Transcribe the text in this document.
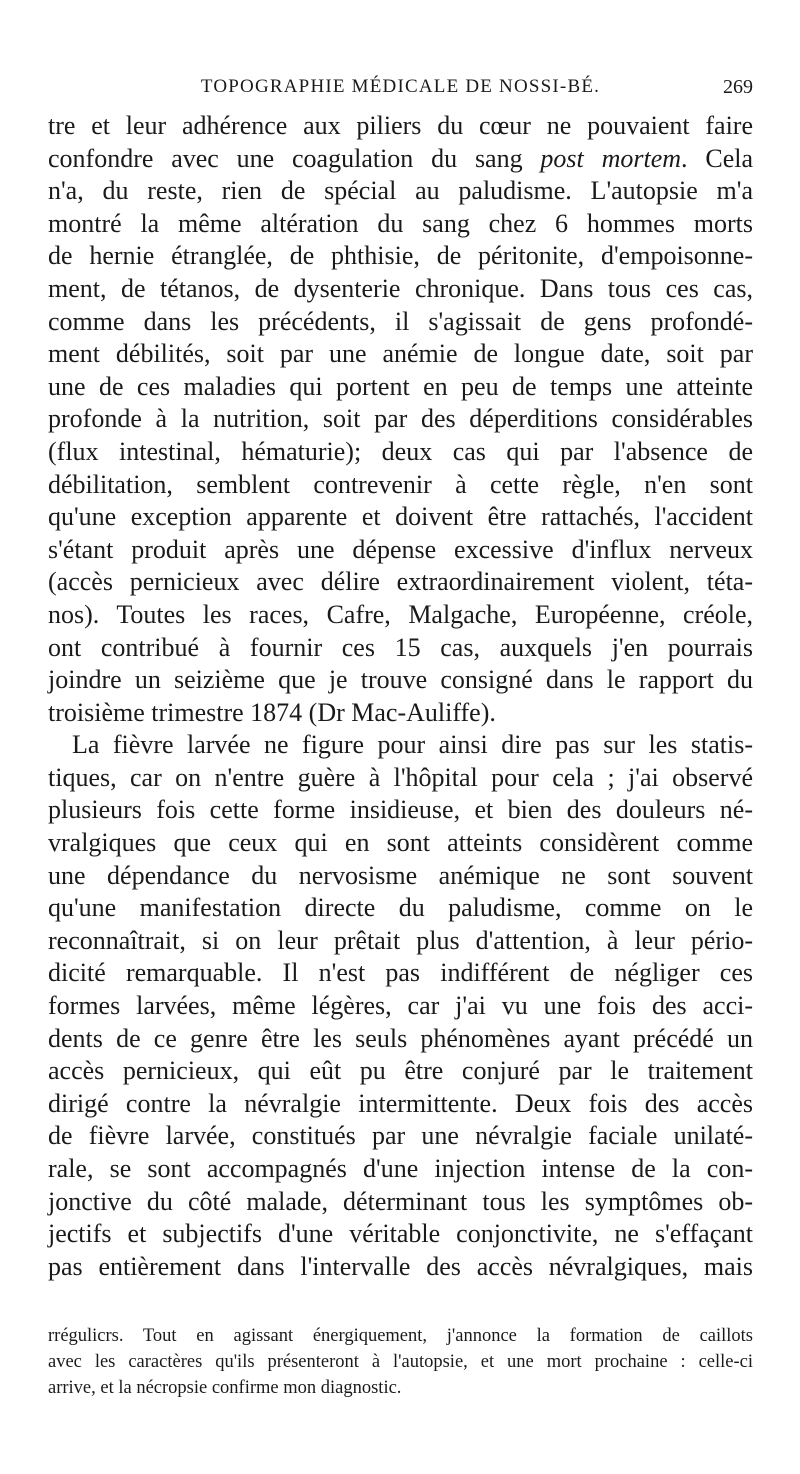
TOPOGRAPHIE MÉDICALE DE NOSSI-BÉ.	269
tre et leur adhérence aux piliers du cœur ne pouvaient faire
confondre avec une coagulation du sang post mortem. Cela
n'a, du reste, rien de spécial au paludisme. L'autopsie m'a
montré la même altération du sang chez 6 hommes morts
de hernie étranglée, de phthisie, de péritonite, d'empoisonne-
ment, de tétanos, de dysenterie chronique. Dans tous ces cas,
comme dans les précédents, il s'agissait de gens profondé-
ment débilités, soit par une anémie de longue date, soit par
une de ces maladies qui portent en peu de temps une atteinte
profonde à la nutrition, soit par des déperditions considérables
(flux intestinal, hématurie); deux cas qui par l'absence de
débilitation, semblent contrevenir à cette règle, n'en sont
qu'une exception apparente et doivent être rattachés, l'accident
s'étant produit après une dépense excessive d'influx nerveux
(accès pernicieux avec délire extraordinairement violent, téta-
nos). Toutes les races, Cafre, Malgache, Européenne, créole,
ont contribué à fournir ces 15 cas, auxquels j'en pourrais
joindre un seizième que je trouve consigné dans le rapport du
troisième trimestre 1874 (Dr Mac-Auliffe).
La fièvre larvée ne figure pour ainsi dire pas sur les statis-
tiques, car on n'entre guère à l'hôpital pour cela ; j'ai observé
plusieurs fois cette forme insidieuse, et bien des douleurs né-
vralgiques que ceux qui en sont atteints considèrent comme
une dépendance du nervosisme anémique ne sont souvent
qu'une manifestation directe du paludisme, comme on le
reconnaîtrait, si on leur prêtait plus d'attention, à leur pério-
dicité remarquable. Il n'est pas indifférent de négliger ces
formes larvées, même légères, car j'ai vu une fois des acci-
dents de ce genre être les seuls phénomènes ayant précédé un
accès pernicieux, qui eût pu être conjuré par le traitement
dirigé contre la névralgie intermittente. Deux fois des accès
de fièvre larvée, constitués par une névralgie faciale unilaté-
rale, se sont accompagnés d'une injection intense de la con-
jonctive du côté malade, déterminant tous les symptômes ob-
jectifs et subjectifs d'une véritable conjonctivite, ne s'effaçant
pas entièrement dans l'intervalle des accès névralgiques, mais
rrégulicrs. Tout en agissant énergiquement, j'annonce la formation de caillots
avec les caractères qu'ils présenteront à l'autopsie, et une mort prochaine : celle-ci
arrive, et la nécropsie confirme mon diagnostic.
